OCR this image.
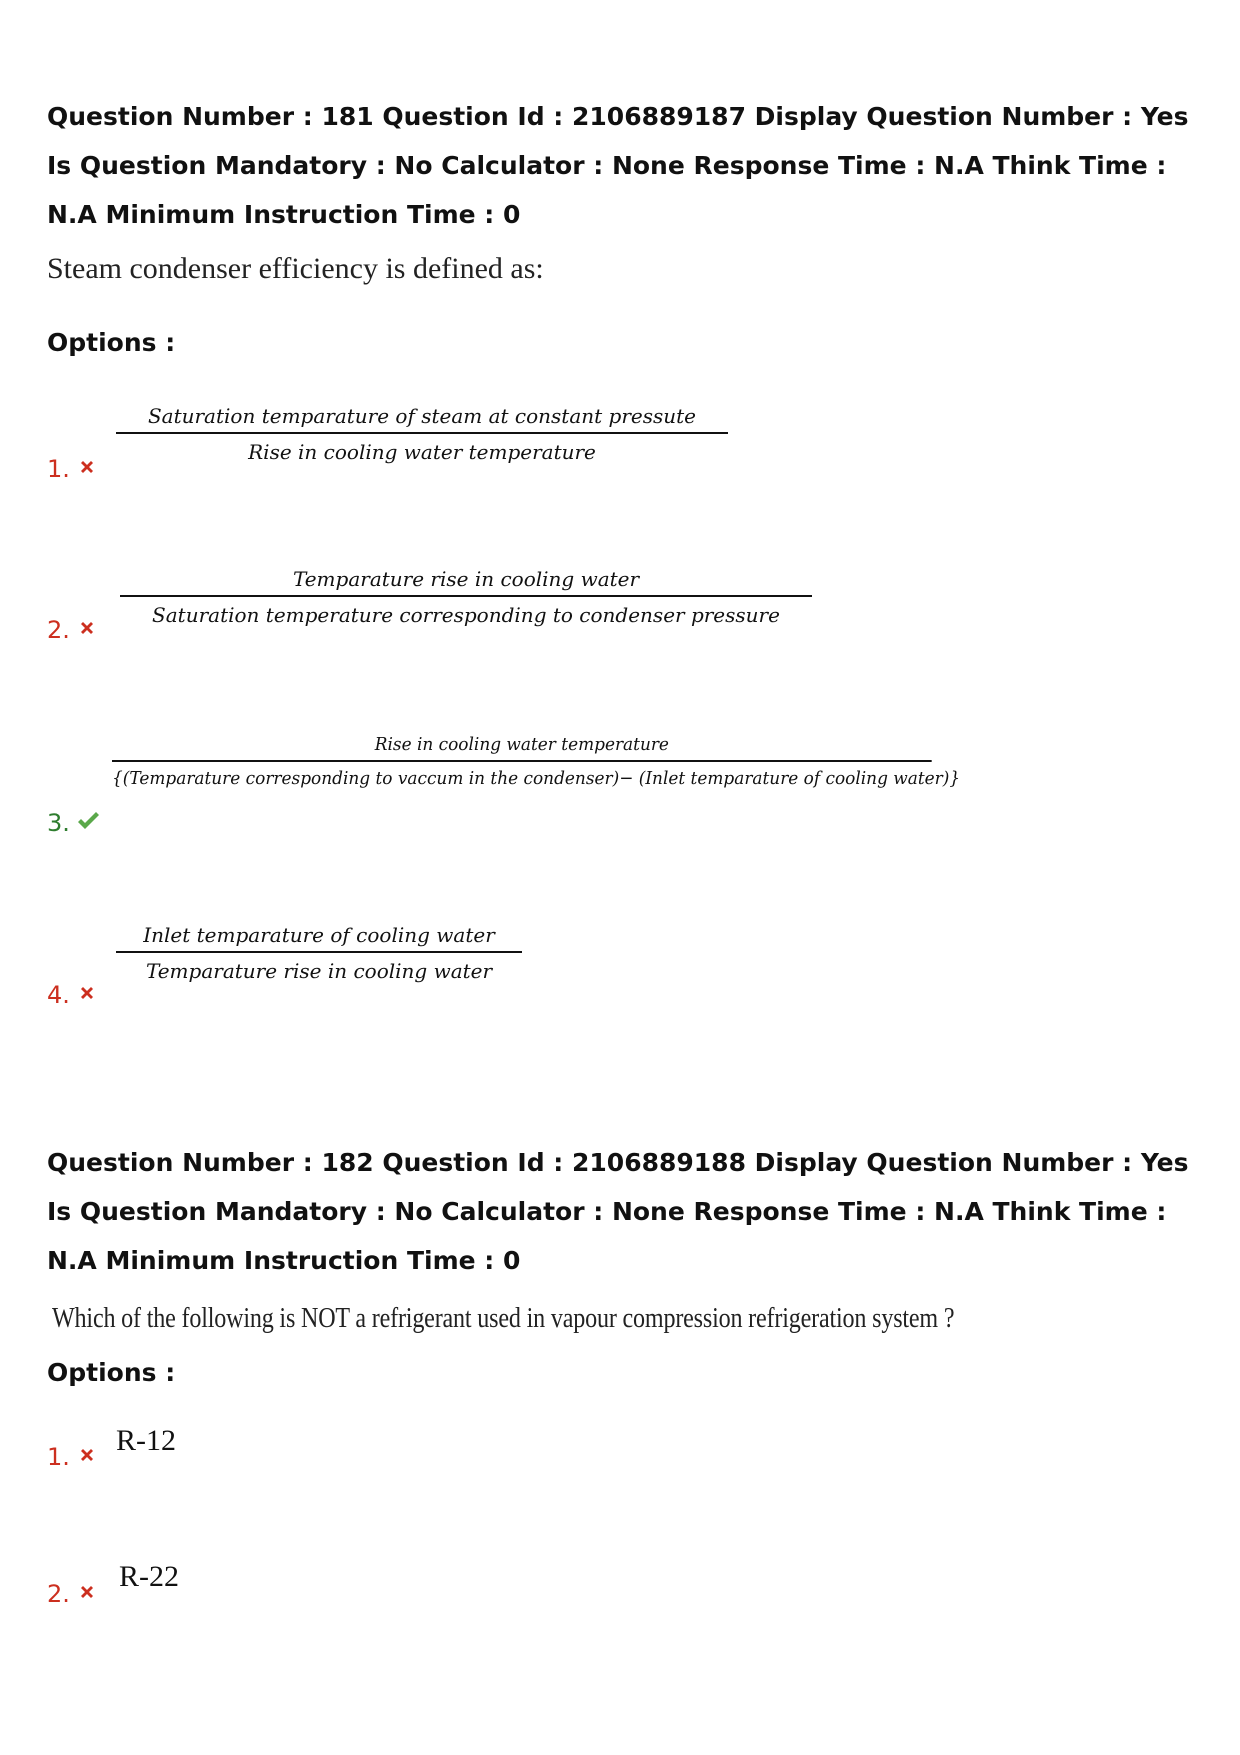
Question Number : 181 Question Id : 2106889187 Display Question Number : Yes Is Question Mandatory : No Calculator : None Response Time : N.A Think Time : N.A Minimum Instruction Time : 0
Steam condenser efficiency is defined as:
Options :
1.
Saturation temparature of steam at constant pressute
Rise in cooling water temperature
2.
Temparature rise in cooling water
Saturation temperature corresponding to condenser pressure
3.
Rise in cooling water temperature
{(Temparature corresponding to vaccum in the condenser)− (Inlet temparature of cooling water)}
4.
Inlet temparature of cooling water
Temparature rise in cooling water
Question Number : 182 Question Id : 2106889188 Display Question Number : Yes Is Question Mandatory : No Calculator : None Response Time : N.A Think Time : N.A Minimum Instruction Time : 0
Which of the following is NOT a refrigerant used in vapour compression refrigeration system ?
Options :
1. R-12
2.
R-22
